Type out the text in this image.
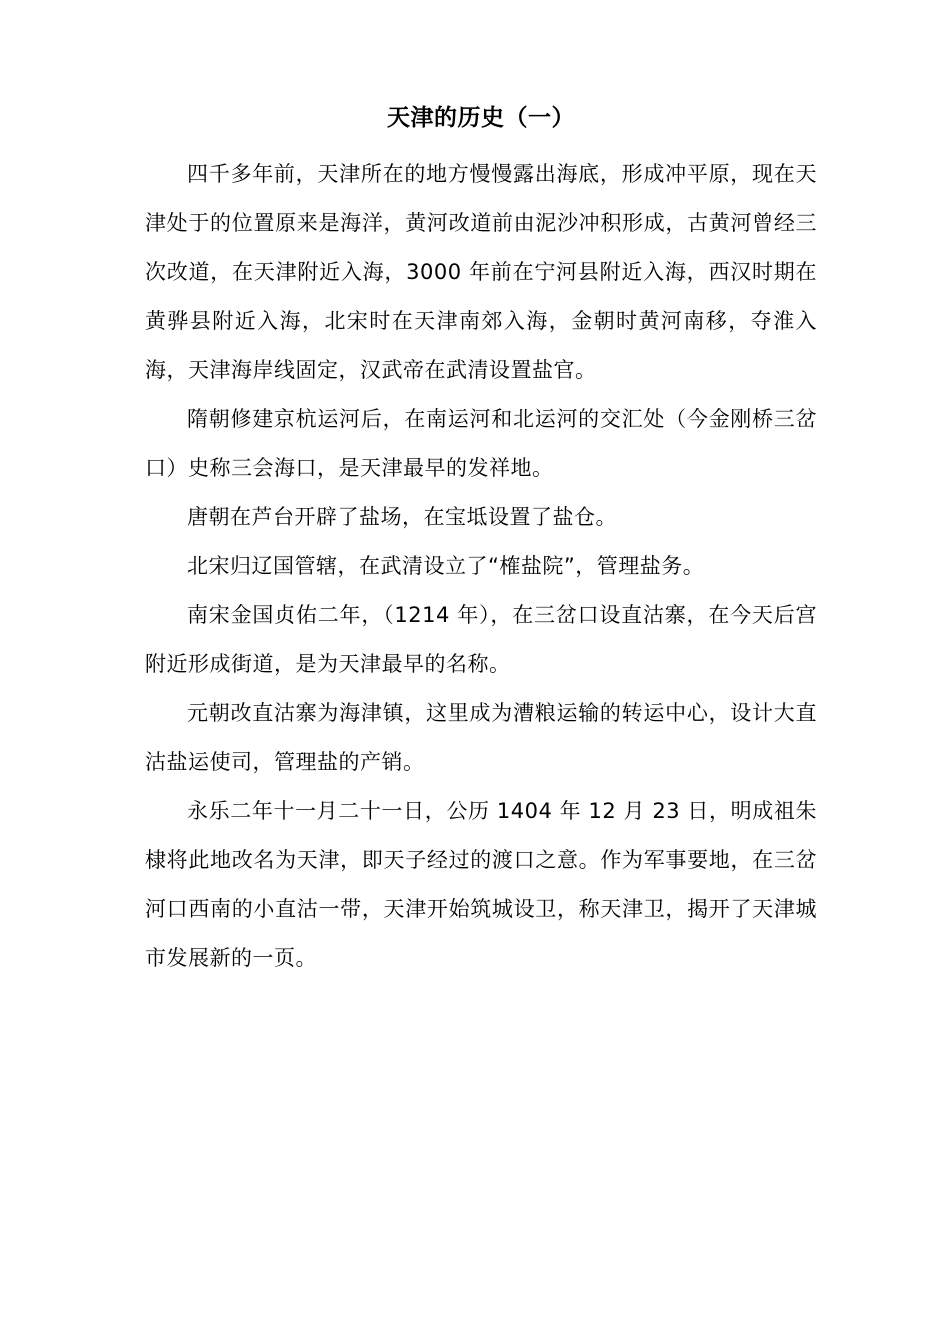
天津的历史（一）

四千多年前，天津所在的地方慢慢露出海底，形成冲平原，现在天津处于的位置原来是海洋，黄河改道前由泥沙冲积形成，古黄河曾经三次改道，在天津附近入海，3000 年前在宁河县附近入海，西汉时期在黄骅县附近入海，北宋时在天津南郊入海，金朝时黄河南移，夺淮入海，天津海岸线固定，汉武帝在武清设置盐官。

隋朝修建京杭运河后，在南运河和北运河的交汇处（今金刚桥三岔口）史称三会海口，是天津最早的发祥地。

唐朝在芦台开辟了盐场，在宝坻设置了盐仓。

北宋归辽国管辖，在武清设立了“榷盐院”，管理盐务。

南宋金国贞佑二年，（1214 年），在三岔口设直沽寨，在今天后宫附近形成街道，是为天津最早的名称。

元朝改直沽寨为海津镇，这里成为漕粮运输的转运中心，设计大直沽盐运使司，管理盐的产销。

永乐二年十一月二十一日，公历 1404 年 12 月 23 日，明成祖朱棣将此地改名为天津，即天子经过的渡口之意。作为军事要地，在三岔河口西南的小直沽一带，天津开始筑城设卫，称天津卫，揭开了天津城市发展新的一页。
